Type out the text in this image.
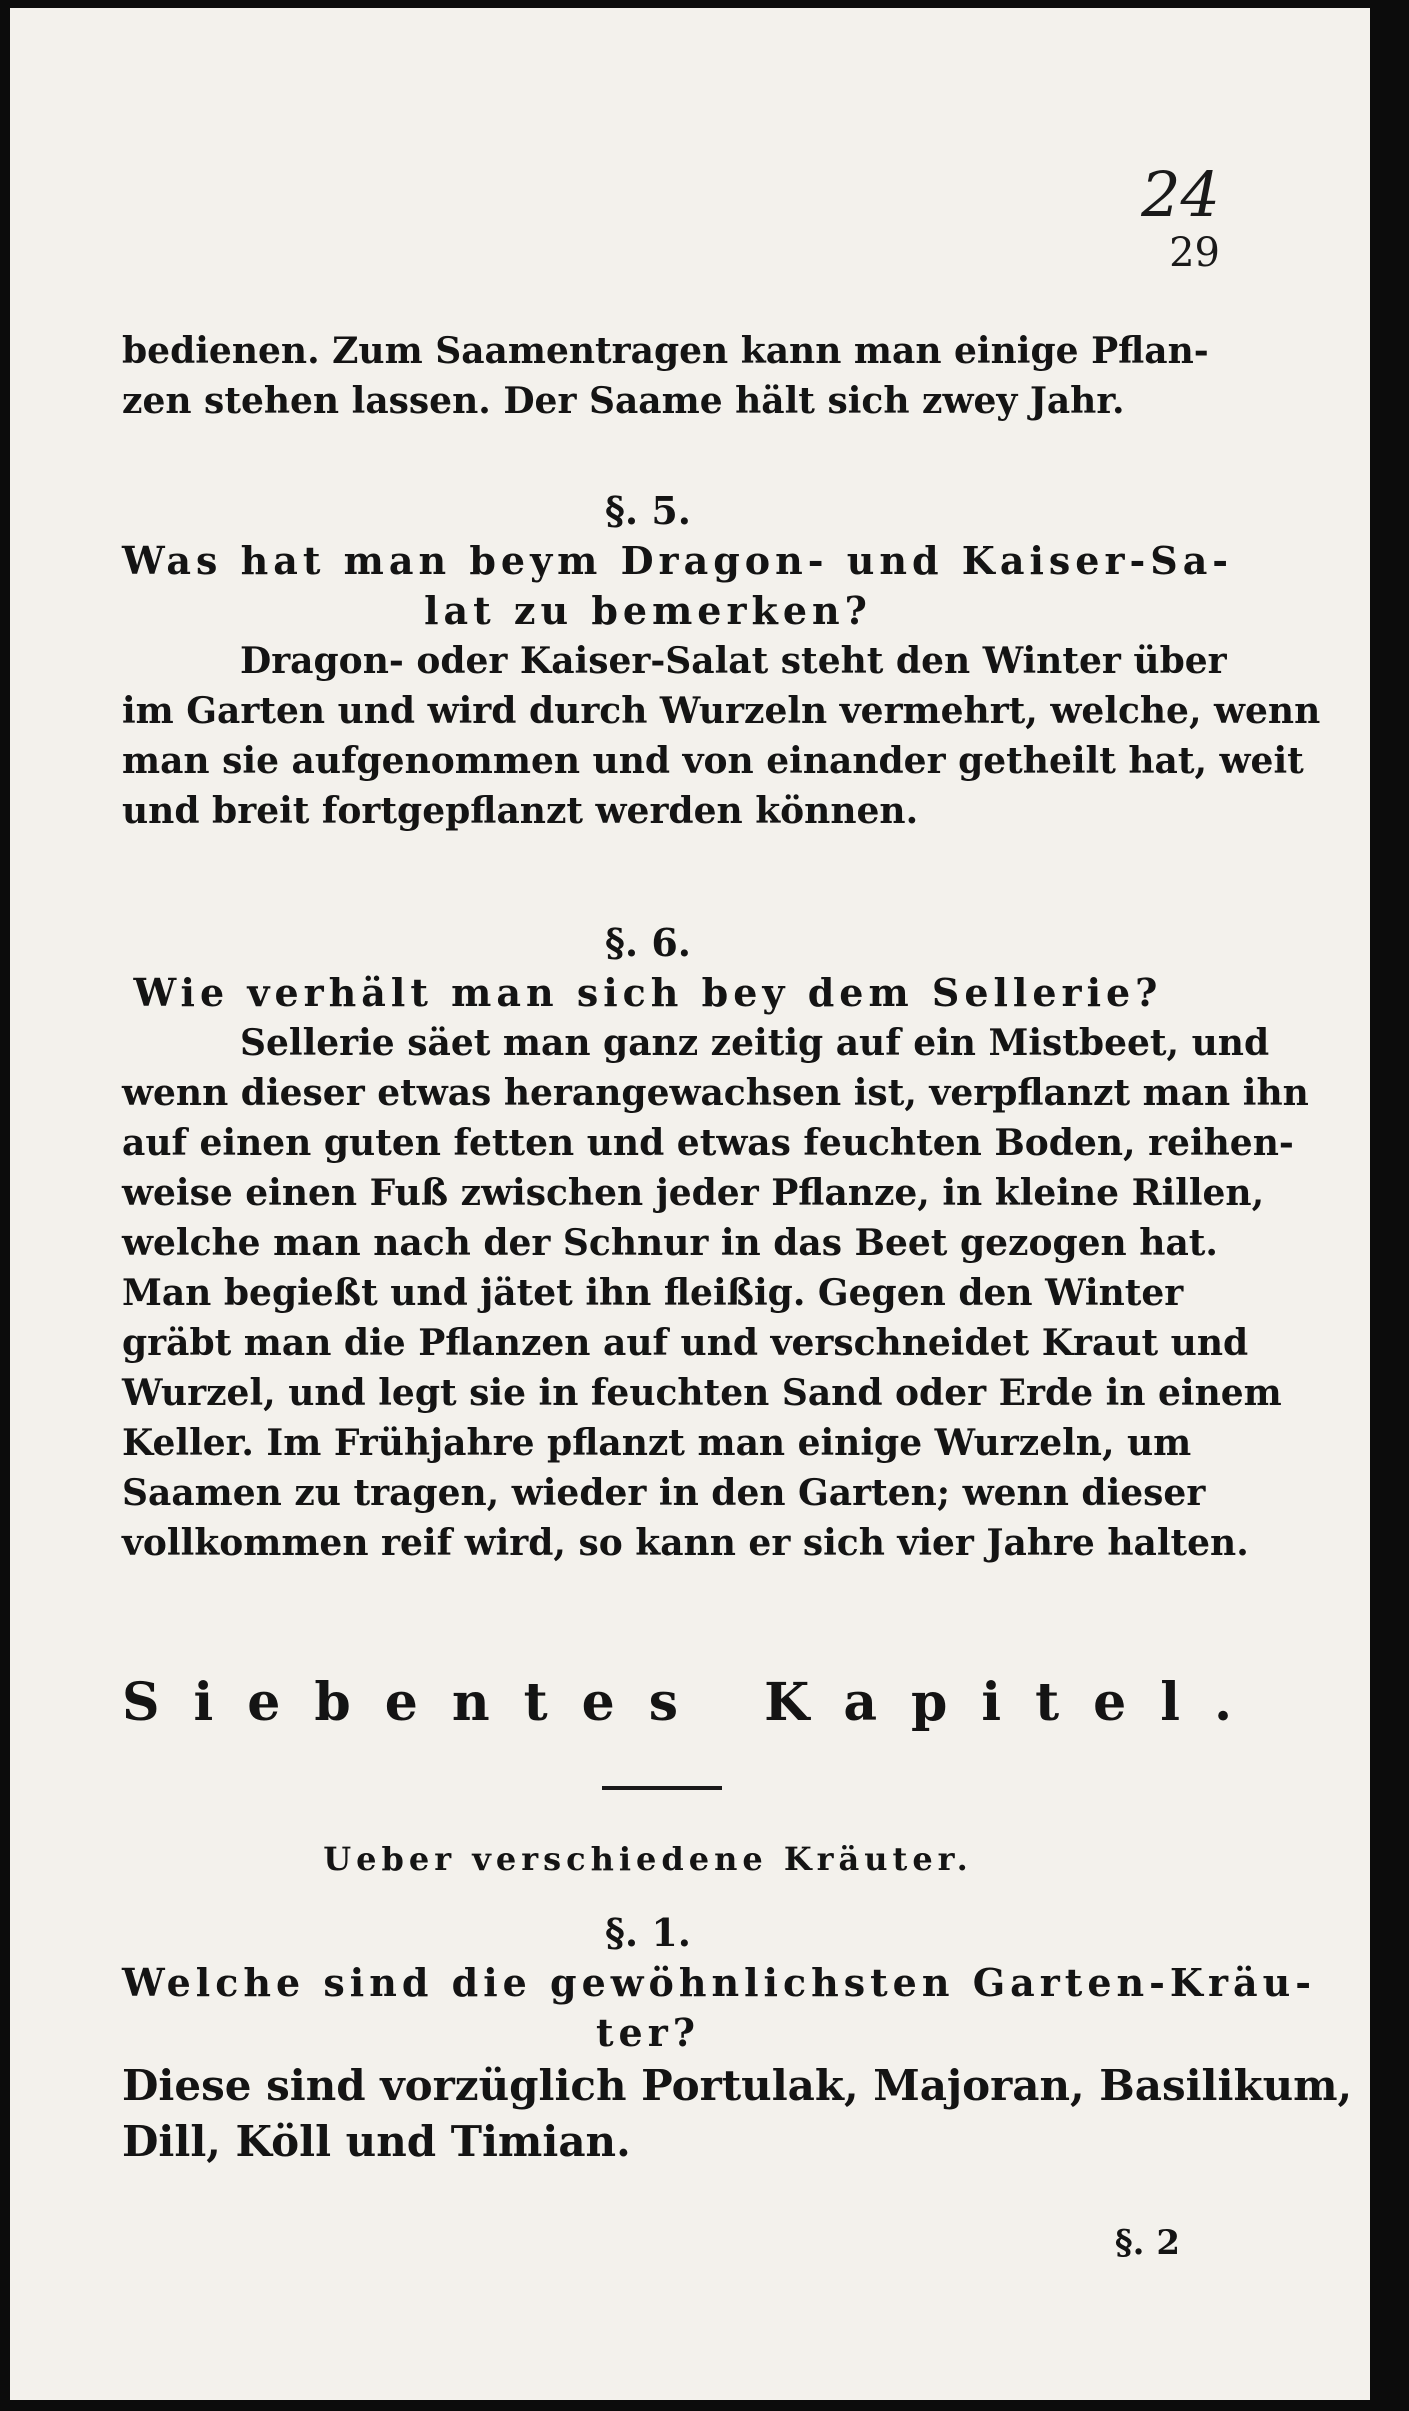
24
29
bedienen. Zum Saamentragen kann man einige Pflan-
zen stehen lassen. Der Saame hält sich zwey Jahr.
§. 5.
Was hat man beym Dragon- und Kaiser-Sa-
lat zu bemerken?
Dragon- oder Kaiser-Salat steht den Winter über
im Garten und wird durch Wurzeln vermehrt, welche, wenn
man sie aufgenommen und von einander getheilt hat, weit
und breit fortgepflanzt werden können.
§. 6.
Wie verhält man sich bey dem Sellerie?
Sellerie säet man ganz zeitig auf ein Mistbeet, und
wenn dieser etwas herangewachsen ist, verpflanzt man ihn
auf einen guten fetten und etwas feuchten Boden, reihen-
weise einen Fuß zwischen jeder Pflanze, in kleine Rillen,
welche man nach der Schnur in das Beet gezogen hat.
Man begießt und jätet ihn fleißig. Gegen den Winter
gräbt man die Pflanzen auf und verschneidet Kraut und
Wurzel, und legt sie in feuchten Sand oder Erde in einem
Keller. Im Frühjahre pflanzt man einige Wurzeln, um
Saamen zu tragen, wieder in den Garten; wenn dieser
vollkommen reif wird, so kann er sich vier Jahre halten.
Siebentes Kapitel.
Ueber verschiedene Kräuter.
§. 1.
Welche sind die gewöhnlichsten Garten-Kräu-
ter?
Diese sind vorzüglich Portulak, Majoran, Basilikum,
Dill, Köll und Timian.
§. 2
